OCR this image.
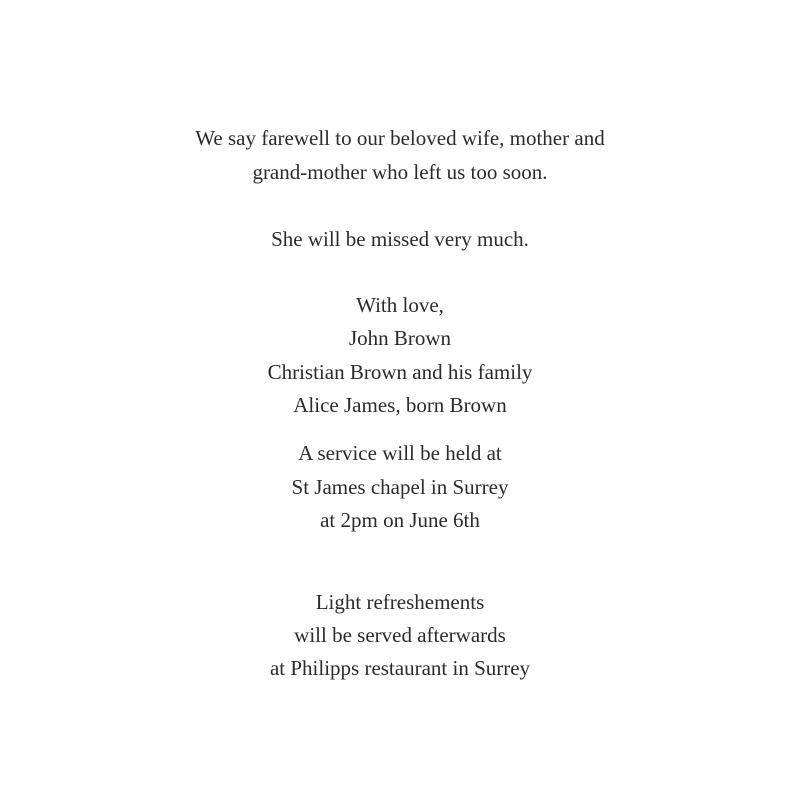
We say farewell to our beloved wife, mother and
grand-mother who left us too soon.
She will be missed very much.
With love,
John Brown
Christian Brown and his family
Alice James, born Brown
A service will be held at
St James chapel in Surrey
at 2pm on June 6th
Light refreshements
will be served afterwards
at Philipps restaurant in Surrey
